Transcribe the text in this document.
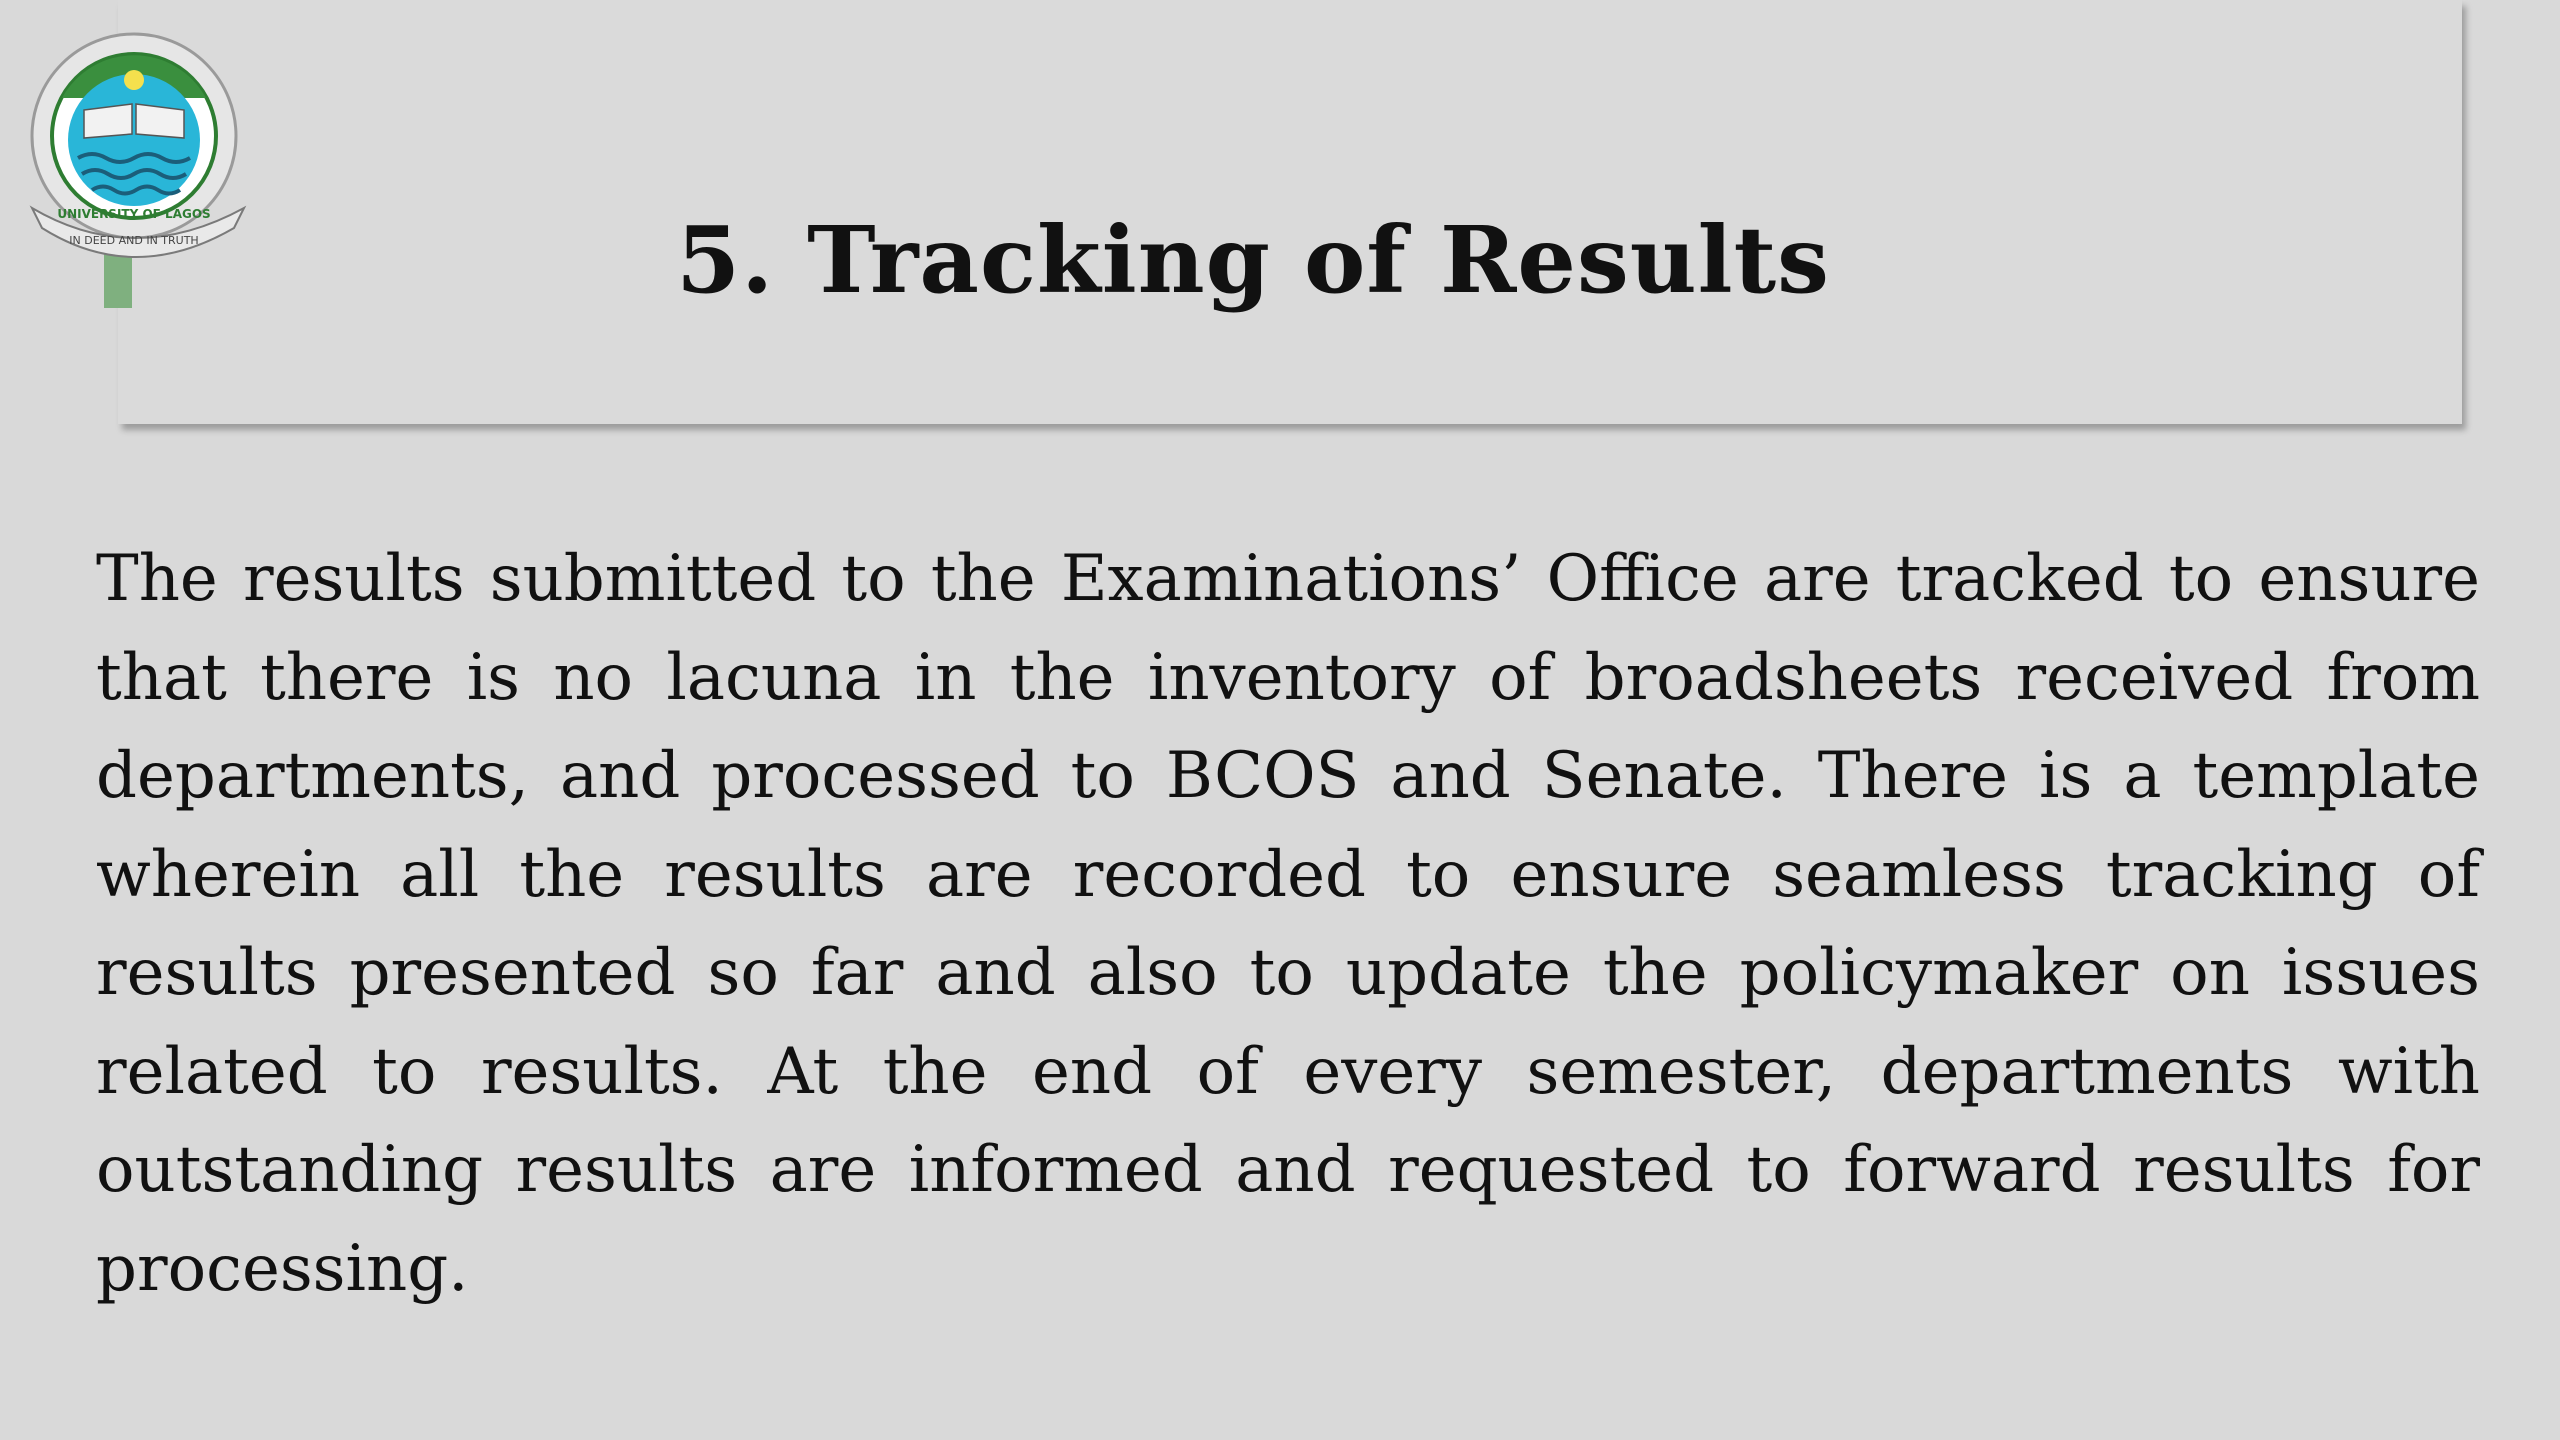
5. Tracking of Results
IN DEED AND IN TRUTH
UNIVERSITY OF LAGOS
The results submitted to the Examinations’ Office are tracked to ensure that there is no lacuna in the inventory of broadsheets received from departments, and processed to BCOS and Senate. There is a template wherein all the results are recorded to ensure seamless tracking of results presented so far and also to update the policymaker on issues related to results. At the end of every semester, departments with outstanding results are informed and requested to forward results for processing.
